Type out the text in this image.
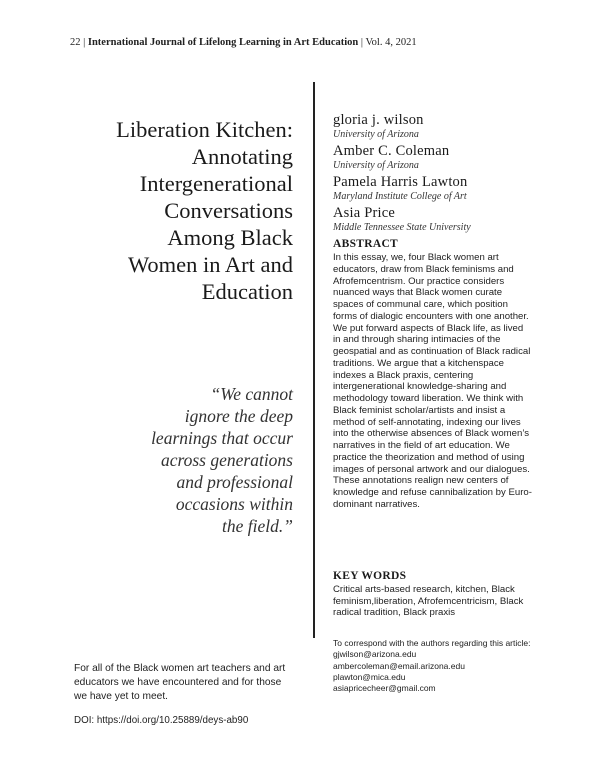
22 | International Journal of Lifelong Learning in Art Education | Vol. 4, 2021
Liberation Kitchen:
Annotating
Intergenerational
Conversations
Among Black
Women in Art and
Education
“We cannot
ignore the deep
learnings that occur
across generations
and professional
occasions within
the field.”
gloria j. wilson
University of Arizona
Amber C. Coleman
University of Arizona
Pamela Harris Lawton
Maryland Institute College of Art
Asia Price
Middle Tennessee State University
ABSTRACT
In this essay, we, four Black women art educators, draw from Black feminisms and Afrofemcentrism. Our practice considers nuanced ways that Black women curate spaces of communal care, which position forms of dialogic encounters with one another. We put forward aspects of Black life, as lived in and through sharing intimacies of the geospatial and as continuation of Black radical traditions. We argue that a kitchenspace indexes a Black praxis, centering intergenerational knowledge-sharing and methodology toward liberation. We think with Black feminist scholar/artists and insist a method of self-annotating, indexing our lives into the otherwise absences of Black women’s narratives in the field of art education. We practice the theorization and method of using images of personal artwork and our dialogues. These annotations realign new centers of knowledge and refuse cannibalization by Euro-dominant narratives.
KEY WORDS
Critical arts-based research, kitchen, Black feminism,liberation, Afrofemcentricism, Black radical tradition, Black praxis
To correspond with the authors regarding this article:
gjwilson@arizona.edu
ambercoleman@email.arizona.edu
plawton@mica.edu
asiapricecheer@gmail.com
For all of the Black women art teachers and art educators we have encountered and for those we have yet to meet.
DOI: https://doi.org/10.25889/deys-ab90
